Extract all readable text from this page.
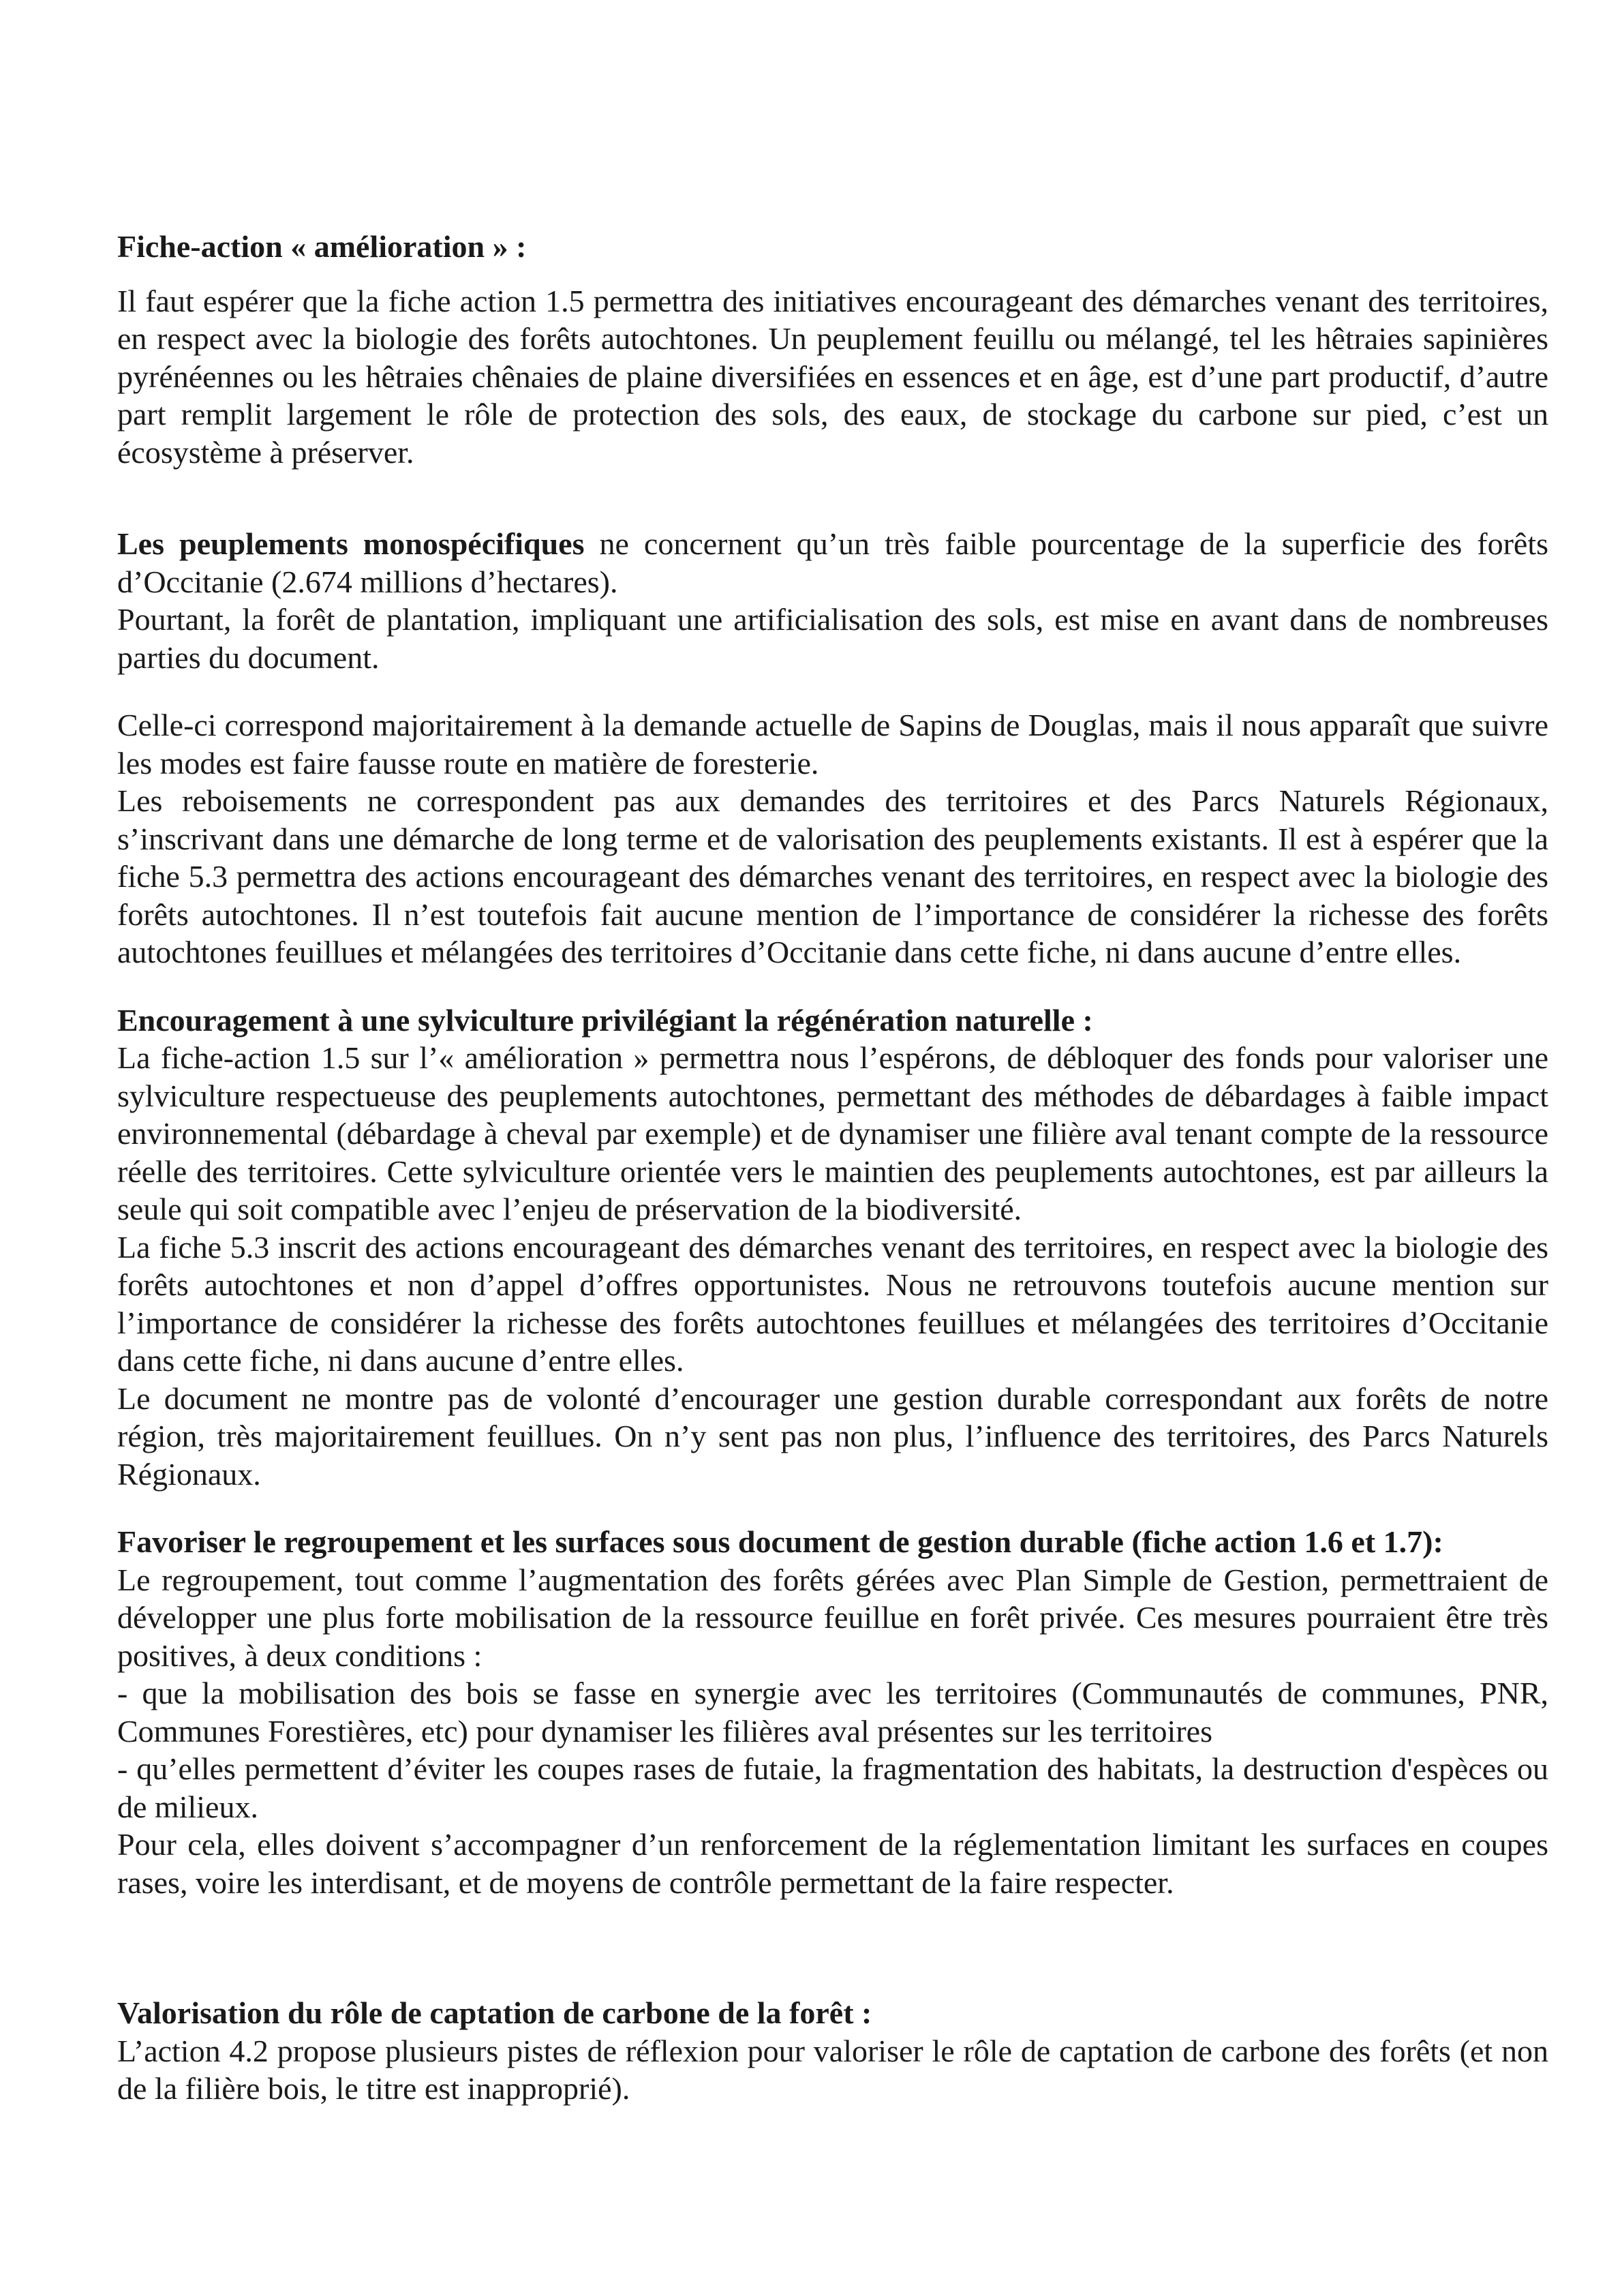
Fiche-action « amélioration » :

Il faut espérer que la fiche action 1.5 permettra des initiatives encourageant des démarches venant des territoires, en respect avec la biologie des forêts autochtones. Un peuplement feuillu ou mélangé, tel les hêtraies sapinières pyrénéennes ou les hêtraies chênaies de plaine diversifiées en essences et en âge, est d’une part productif, d’autre part remplit largement le rôle de protection des sols, des eaux, de stockage du carbone sur pied, c’est un écosystème à préserver.

Les peuplements monospécifiques ne concernent qu’un très faible pourcentage de la superficie des forêts d’Occitanie (2.674 millions d’hectares).

Pourtant, la forêt de plantation, impliquant une artificialisation des sols, est mise en avant dans de nombreuses parties du document.

Celle-ci correspond majoritairement à la demande actuelle de Sapins de Douglas, mais il nous apparaît que suivre les modes est faire fausse route en matière de foresterie.

Les reboisements ne correspondent pas aux demandes des territoires et des Parcs Naturels Régionaux, s’inscrivant dans une démarche de long terme et de valorisation des peuplements existants. Il est à espérer que la fiche 5.3 permettra des actions encourageant des démarches venant des territoires, en respect avec la biologie des forêts autochtones. Il n’est toutefois fait aucune mention de l’importance de considérer la richesse des forêts autochtones feuillues et mélangées des territoires d’Occitanie dans cette fiche, ni dans aucune d’entre elles.

Encouragement à une sylviculture privilégiant la régénération naturelle :

La fiche-action 1.5 sur l’« amélioration » permettra nous l’espérons, de débloquer des fonds pour valoriser une sylviculture respectueuse des peuplements autochtones, permettant des méthodes de débardages à faible impact environnemental (débardage à cheval par exemple) et de dynamiser une filière aval tenant compte de la ressource réelle des territoires. Cette sylviculture orientée vers le maintien des peuplements autochtones, est par ailleurs la seule qui soit compatible avec l’enjeu de préservation de la biodiversité.

La fiche 5.3 inscrit des actions encourageant des démarches venant des territoires, en respect avec la biologie des forêts autochtones et non d’appel d’offres opportunistes. Nous ne retrouvons toutefois aucune mention sur l’importance de considérer la richesse des forêts autochtones feuillues et mélangées des territoires d’Occitanie dans cette fiche, ni dans aucune d’entre elles.

Le document ne montre pas de volonté d’encourager une gestion durable correspondant aux forêts de notre région, très majoritairement feuillues. On n’y sent pas non plus, l’influence des territoires, des Parcs Naturels Régionaux.

Favoriser le regroupement et les surfaces sous document de gestion durable (fiche action 1.6 et 1.7):

Le regroupement, tout comme l’augmentation des forêts gérées avec Plan Simple de Gestion, permettraient de développer une plus forte mobilisation de la ressource feuillue en forêt privée. Ces mesures pourraient être très positives, à deux conditions :

- que la mobilisation des bois se fasse en synergie avec les territoires (Communautés de communes, PNR, Communes Forestières, etc) pour dynamiser les filières aval présentes sur les territoires

- qu’elles permettent d’éviter les coupes rases de futaie, la fragmentation des habitats, la destruction d'espèces ou de milieux.

Pour cela, elles doivent s’accompagner d’un renforcement de la réglementation limitant les surfaces en coupes rases, voire les interdisant, et de moyens de contrôle permettant de la faire respecter.

Valorisation du rôle de captation de carbone de la forêt :

L’action 4.2 propose plusieurs pistes de réflexion pour valoriser le rôle de captation de carbone des forêts (et non de la filière bois, le titre est inapproprié).
